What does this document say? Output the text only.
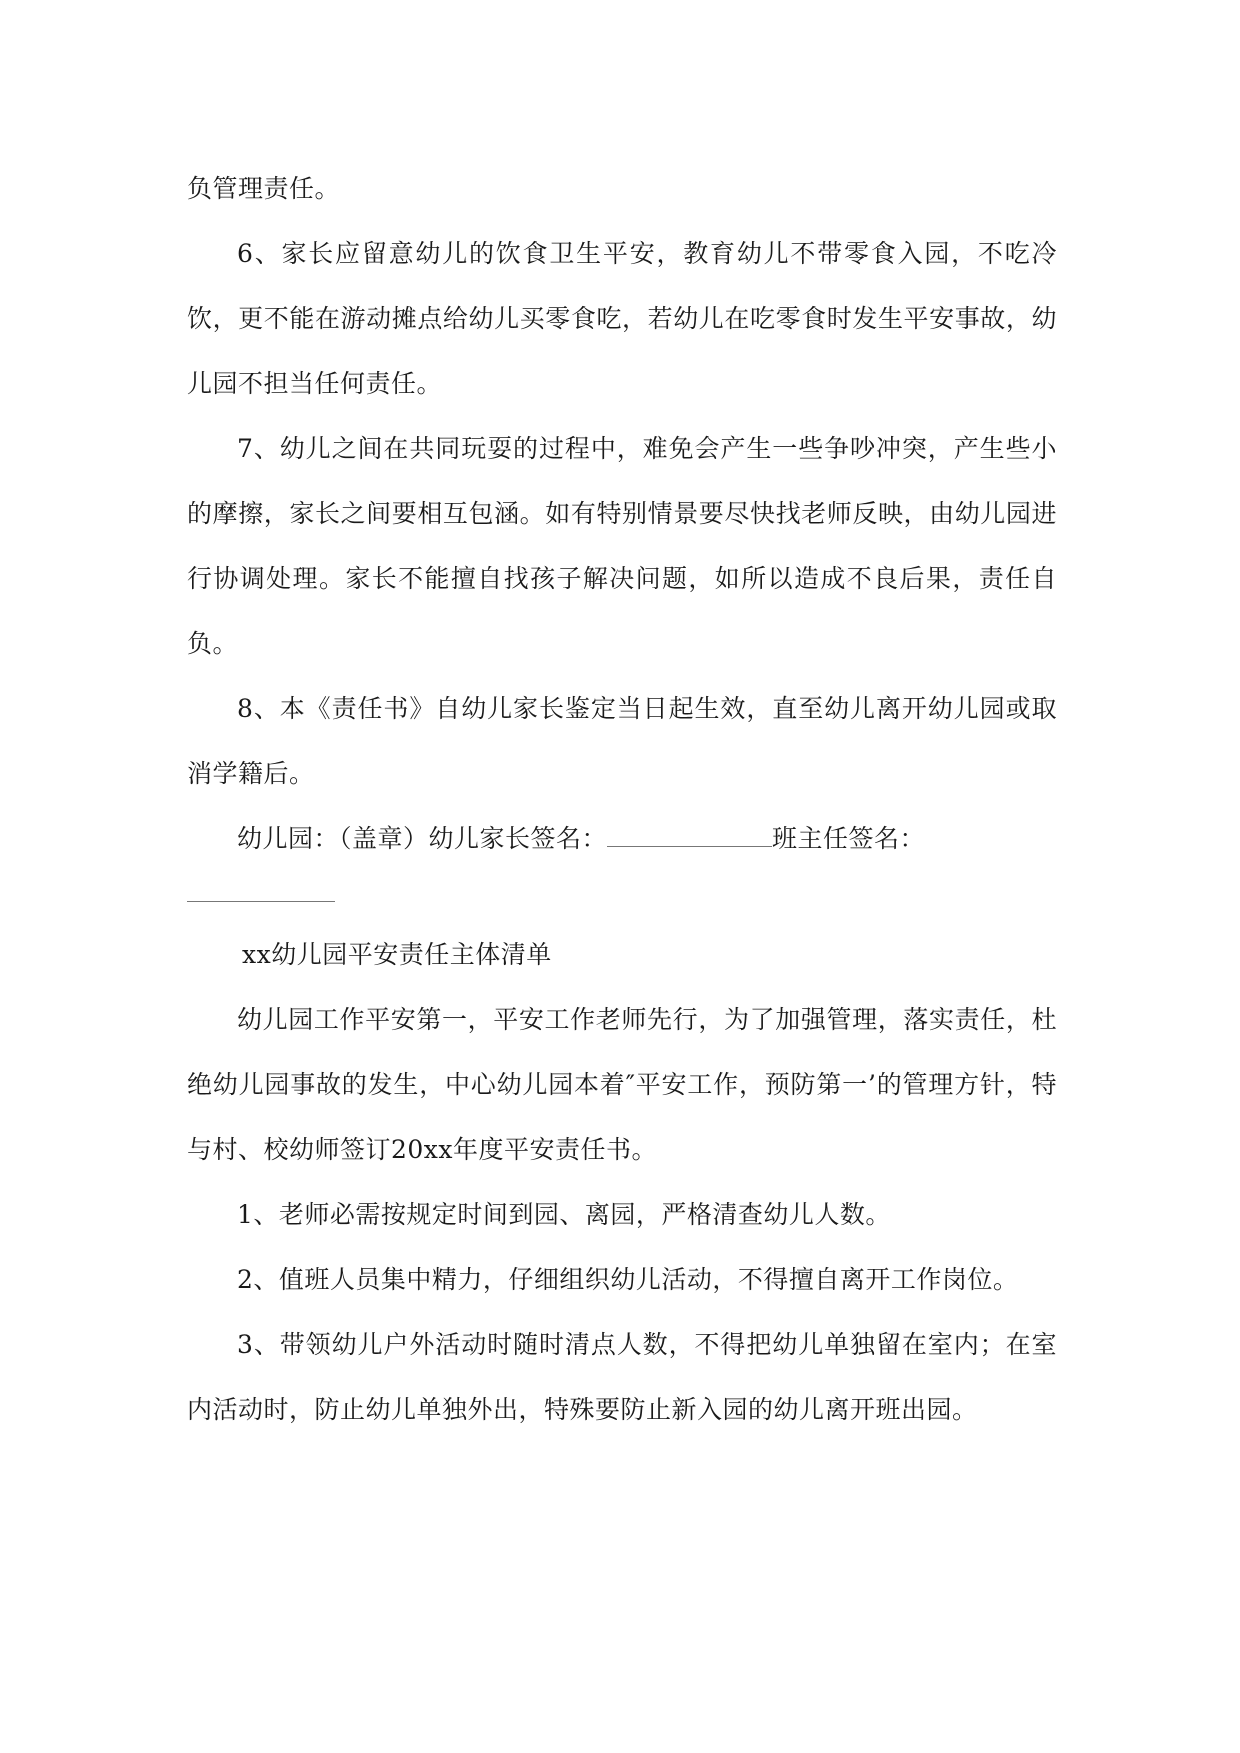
负管理责任。

6、家长应留意幼儿的饮食卫生平安，教育幼儿不带零食入园，不吃冷饮，更不能在游动摊点给幼儿买零食吃，若幼儿在吃零食时发生平安事故，幼儿园不担当任何责任。

7、幼儿之间在共同玩耍的过程中，难免会产生一些争吵冲突，产生些小的摩擦，家长之间要相互包涵。如有特别情景要尽快找老师反映，由幼儿园进行协调处理。家长不能擅自找孩子解决问题，如所以造成不良后果，责任自负。

8、本《责任书》自幼儿家长鉴定当日起生效，直至幼儿离开幼儿园或取消学籍后。

幼儿园：（盖章）幼儿家长签名：	班主任签名：

xx幼儿园平安责任主体清单

幼儿园工作平安第一，平安工作老师先行，为了加强管理，落实责任，杜绝幼儿园事故的发生，中心幼儿园本着″平安工作，预防第一’的管理方针，特与村、校幼师签订20xx年度平安责任书。

1、老师必需按规定时间到园、离园，严格清查幼儿人数。

2、值班人员集中精力，仔细组织幼儿活动，不得擅自离开工作岗位。

3、带领幼儿户外活动时随时清点人数，不得把幼儿单独留在室内；在室内活动时，防止幼儿单独外出，特殊要防止新入园的幼儿离开班出园。
